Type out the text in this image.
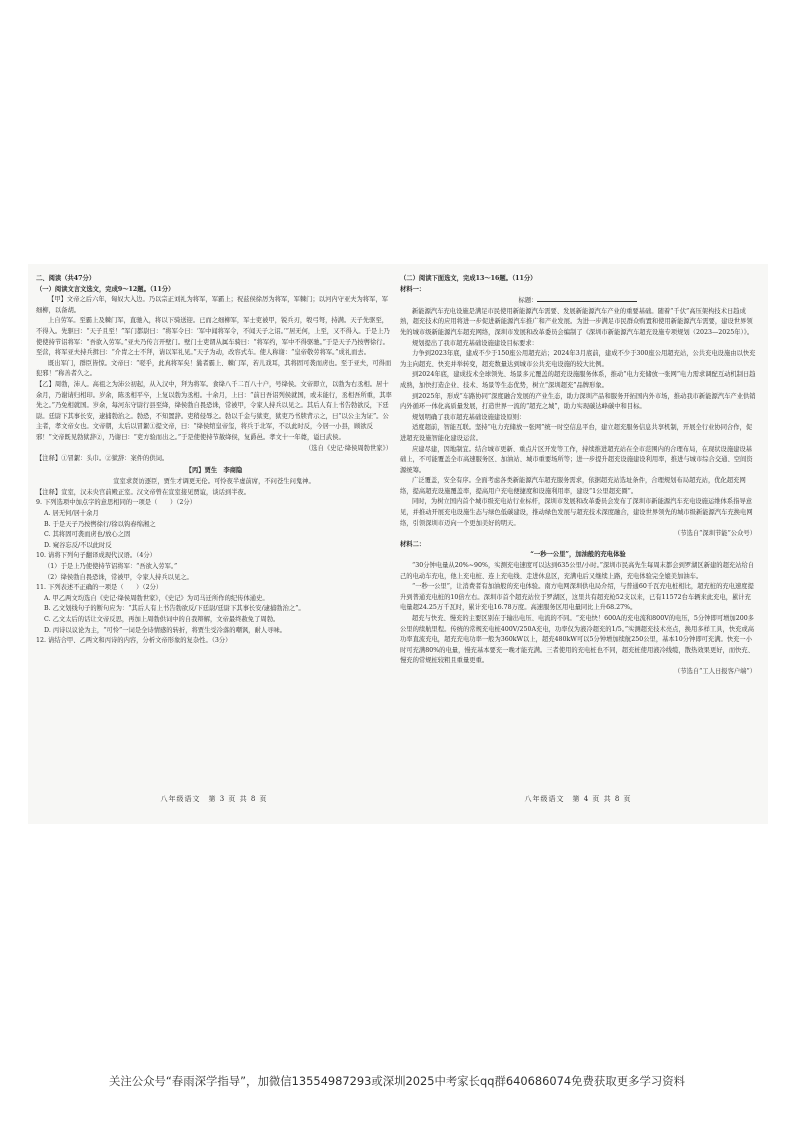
二、阅读（共47分）

（一）阅读文言文选文，完成9～12题。（11分）

【甲】文帝之后六年，匈奴大入边。乃以宗正刘礼为将军，军霸上；祝兹侯徐厉为将军，军棘门；以河内守亚夫为将军，军细柳，以备胡。

上自劳军。至霸上及棘门军，直驰入，将以下骑送迎。已而之细柳军，军士吏被甲，锐兵刃，彀弓弩，持满。天子先驱至，不得入。先驱曰：“天子且至！”军门都尉曰：“将军令曰：‘军中闻将军令，不闻天子之诏。’”居无何，上至，又不得入。于是上乃使使持节诏将军：“吾欲入劳军。”亚夫乃传言开壁门。壁门士吏谓从属车骑曰：“将军约，军中不得驱驰。”于是天子乃按辔徐行。至营，将军亚夫持兵揖曰：“介胄之士不拜，请以军礼见。”天子为动，改容式车。使人称谢：“皇帝敬劳将军。”成礼而去。

既出军门，群臣皆惊。文帝曰：“嗟乎，此真将军矣！曩者霸上、棘门军，若儿戏耳，其将固可袭而虏也。至于亚夫，可得而犯邪！”称善者久之。

【乙】周勃，沛人。高祖之为沛公初起，从入汉中，拜为将军。食绛八千二百八十户，号绛侯。文帝即立，以勃为右丞相。居十余月，乃谢请归相印。岁余，陈丞相平卒，上复以勃为丞相。十余月，上曰：“前日吾诏列侯就国，或未能行，丞相吾所重，其率先之。”乃免相就国。岁余，每河东守尉行县至绛，绛侯勃自畏恐诛，常被甲，令家人持兵以见之。其后人有上书告勃欲反，下廷尉。廷尉下其事长安，逮捕勃治之。勃恐，不知置辞。吏稍侵辱之。勃以千金与狱吏，狱吏乃书牍背示之，曰“以公主为证”。公主者，孝文帝女也。文帝朝，太后以冒絮①提文帝，曰：“绛侯绾皇帝玺，将兵于北军，不以此时反，今居一小县，顾欲反邪！”文帝既见勃狱辞②，乃谢曰：“吏方验而出之。”于是使使持节赦绛侯，复爵邑。孝文十一年薨，谥曰武侯。

（选自《史记·绛侯周勃世家》）

【注释】①冒絮：头巾。②狱辞：案件的供词。

【丙】贾生　李商隐

宣室求贤访逐臣，贾生才调更无伦。可怜夜半虚前席，不问苍生问鬼神。

【注释】宣室，汉未央宫前殿正室。汉文帝曾在宣室接见贾谊，谈话到半夜。

9. 下列选项中加点字的意思相同的一项是（　　）（2分）

A. 居无何/居十余月

B. 于是天子乃按辔徐行/徐以钩舂绵湘之

C. 其将固可袭而虏也/放心之固

D. 窥谷忘反/不以此时反

10. 请将下列句子翻译成现代汉语。（4分）

（1）于是上乃使使持节诏将军：“吾欲入劳军。”

（2）绛侯勃自畏恐诛，常被甲，令家人持兵以见之。

11. 下列表述不正确的一项是（　　）（2分）

A. 甲乙两文均选自《史记·绛侯周勃世家》，《史记》为司马迁所作的纪传体通史。

B. 乙文划线句子的断句应为：“其后人有上书告勃欲反/下廷尉/廷尉下其事长安/逮捕勃治之”。

C. 乙文太后的话让文帝反思，再加上周勃供词中的自我辩解，文帝最终赦免了周勃。

D. 丙诗以议论为主，“可怜”一词是全诗情感的转折，将贾生受冷落的嘲讽，耐人寻味。

12. 请结合甲、乙两文和丙诗的内容，分析文帝形象的复杂性。（3分）

八年级语文　第 3 页 共 8 页

（二）阅读下面选文，完成13～16题。（11分）

材料一：

标题：

新能源汽车充电设施是满足市民使用新能源汽车需要、发展新能源汽车产业的重要基础。随着“千伏”高压架构技术日趋成熟，超充技术的应用将进一步促进新能源汽车推广和产业发展。为进一步满足市民群众购置和使用新能源汽车需要，建设世界领先的城市级新能源汽车超充网络，深圳市发展和改革委员会编制了《深圳市新能源汽车超充设施专项规划（2023—2025年）》。

规划提出了我市超充基础设施建设目标要求：

力争到2023年底，建成不少于150座公用超充站；2024年3月底前，建成不少于300座公用超充站，公共充电设施由以快充为主向超充、快充并举转变，超充数量达到城市公共充电设施的较大比例。

到2024年底，建成技术全球领先、场景多元覆盖的超充设施服务体系，推动“电力充储放一张网”电力需求调配互动机制日趋成熟，加快打造企业、技术、场景等生态优势，树立“深圳超充”品牌形象。

到2025年，形成“车路协同”深度融合发展的产业生态，助力深圳产品和服务开拓国内外市场，推动我市新能源汽车产业供销内外循环一体化高质量发展，打造世界一流的“超充之城”，助力实现碳达峰碳中和目标。

规划明确了我市超充基础设施建设原则：

适度超前，智能互联。坚持“电力充储放一张网”统一时空信息平台，建立超充服务信息共享机制，开展全行业协同合作，促进超充设施智能化建设运营。

应建尽建，因地制宜。结合城市更新、重点片区开发等工作，持续推进超充站在全市范围内的合理布局，在现状设施建设基础上，不可能覆盖全市高速服务区、加油站、城市重要场所等；进一步提升超充设施建设利用率，推进与城市综合交通、空间资源统筹。

广泛覆盖，安全有序。全面考虑各类新能源汽车超充服务需求，依据超充站选址条件，合理规划布局超充站，优化超充网络，提高超充设施覆盖率，提高用户充电便捷度和设施利用率，建设“1公里超充圈”。

同时，为树立国内首个城市级充电站行业标杆，深圳市发展和改革委员会发布了深圳市新能源汽车充电设施运维体系指导意见，并推动开展充电设施生态与绿色低碳建设，推动绿色发展与超充技术深度融合，建设世界领先的城市级新能源汽车充换电网络，引领深圳市迈向一个更加美好的明天。

（节选自“深圳节能”公众号）

材料二：

“一秒一公里”，加油般的充电体验

“30分钟电量从20%~90%，实测充电速度可以达到635公里/小时。”深圳市民高先生每周末都会到罗湖区新建的超充站给自己的电动车充电，他上充电桩、连上充电线、走进休息区，充满电后又继续上路，充电体验完全媲美加油车。

“一秒一公里”，让消费者有加油般的充电体验。南方电网深圳供电局介绍，与普通60千瓦充电桩相比，超充桩的充电速度提升到普通充电桩的10倍左右。深圳市首个超充站位于罗湖区，这里共有超充枪52支以来，已有11572台车辆来此充电，累计充电量超24.25万千瓦时，累计充电16.78万度。高速服务区用电量同比上升68.27%。

超充与快充、慢充的主要区别在于输出电压、电流的不同。“充电快！600A的充电流和800V的电压，5分钟即可增加200多公里的续航里程。传统的常规充电桩400V/250A充电，功率仅为液冷超充的1/5。”实测超充技术亮点，换用多样工具，快充或高功率直流充电，超充充电功率一般为360kW以上，超充480kW可以5分钟增加续航250公里，基本10分钟即可充满。快充一小时可充满80%的电量，慢充基本要充一晚才能充满。三者使用的充电桩也不同，超充桩使用液冷线缆，散热效果更好，而快充、慢充的常规桩较粗且重量更重。

（节选自“工人日报客户端”）

八年级语文　第 4 页 共 8 页
关注公众号“春雨深学指导”，加微信13554987293或深圳2025中考家长qq群640686074免费获取更多学习资料
